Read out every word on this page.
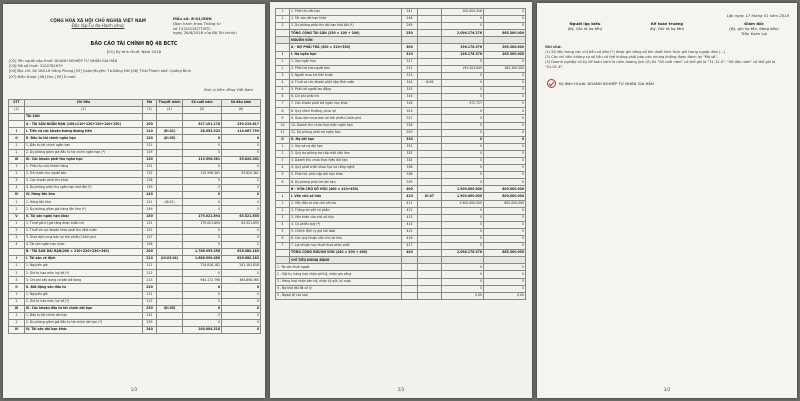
CỘNG HÒA XÃ HỘI CHỦ NGHĨA VIỆT NAM
Độc lập-Tự do-Hạnh phúc
Mẫu số: B-01/DNN
(Ban hành theo Thông tư
số 133/2016/TT-BTC
ngày 26/8/2016 của Bộ Tài chính)
BÁO CÁO TÀI CHÍNH BỘ 48 BCTC
[01] Kỳ tính thuế: Năm 2018
[02] Tên người nộp thuế: DOANH NGHIỆP TƯ NHÂN GIA HÂN
[03] Mã số thuế: 3100782679
[04] Địa chỉ: Số 16A Lê Hồng Phong [05] Quận/Huyện: Tp.Đồng Hới [06] Tỉnh/Thành phố: Quảng Bình
[07] Điện thoại: [08] Fax: [09] E-mail:
Đơn vị tiền: đồng Việt Nam
STT	Chỉ tiêu	Mã	Thuyết minh	Số cuối năm	Số đầu năm
(1)	(2)	(3)	(4)	(5)	(6)
	TÀI SẢN				
	A - TÀI SẢN NGẮN HẠN (100=110+120+130+140+150)	100		327.101.178	239.219.817
I	I. Tiền và các khoản tương đương tiền	110	(III.01)	28.552.923	110.067.799
II	II. Đầu tư tài chính ngắn hạn	120	(III.05)	0	0
1	1. Đầu tư tài chính ngắn hạn	121		0	0
2	2. Dự phòng giảm giá đầu tư tài chính ngắn hạn (*)	129		0	0
III	III. Các khoản phải thu ngắn hạn	130		119.596.361	55.620.361
1	1. Phải thu của khách hàng	131		0	0
2	2. Trả trước cho người bán	132		119.596.361	55.620.361
3	3. Các khoản phải thu khác	138		0	0
4	4. Dự phòng phải thu ngắn hạn khó đòi (*)	139		0	0
IV	IV. Hàng tồn kho	140		0	0
1	1. Hàng tồn kho	141	(III.02)	0	0
2	2. Dự phòng giảm giá hàng tồn kho (*)	149		0	0
V	V. Tài sản ngắn hạn khác	150		179.021.894	63.521.655
1	1. Thuế giá trị gia tăng được khấu trừ	151		179.021.894	63.521.655
2	2. Thuế và các khoản khác phải thu Nhà nước	152		0	0
3	3. Giao dịch mua bán lại trái phiếu Chính phủ	157		0	0
4	4. Tài sản ngắn hạn khác	158		0	0
	B - TÀI SẢN DÀI HẠN(200 = 210+220+230+240)	200		1.768.995.256	626.080.183
I	I. Tài sản cố định	210	(III.03.04)	1.668.990.080	626.080.183
1	1. Nguyên giá	211		724.818.182	241.181.818
2	2. Giá trị hao mòn luỹ kế (*)	212		0	0
3	3. Chi phí xây dựng cơ bản dở dang	213		944.172.798	384.898.365
II	II. Bất động sản đầu tư	220		0	0
1	1. Nguyên giá	221		0	0
2	2. Giá trị hao mòn luỹ kế (*)	222		0	0
III	III. Các khoản đầu tư tài chính dài hạn	230	(III.05)	0	0
1	1. Đầu tư tài chính dài hạn	231		0	0
2	2. Dự phòng giảm giá đầu tư tài chính dài hạn (*)	239		0	0
IV	IV. Tài sản dài hạn khác	240		100.004.318	0
1/3
1	1. Phải thu dài hạn	241		100.004.318	0
2	2. Tài sản dài hạn khác	248		0	0
3	3. Dự phòng phải thu dài hạn khó đòi (*)	249		0	0
	TỔNG CỘNG TÀI SẢN (250 = 100 + 200)	250		2.096.176.376	865.300.000
	NGUỒN VỐN				
	A - NỢ PHẢI TRẢ (300 = 310+330)	300		196.176.376	265.300.000
I	I. Nợ ngắn hạn	310		196.176.376	265.300.000
1	1. Vay ngắn hạn	311		0	0
2	2. Phải trả cho người bán	312		195.203.649	265.300.000
3	3. Người mua trả tiền trước	313		0	0
4	4. Thuế và các khoản phải nộp Nhà nước	314	III.06	0	0
5	5. Phải trả người lao động	315		0	0
6	6. Chi phí phải trả	316		0	0
7	7. Các khoản phải trả ngắn hạn khác	318		972.727	0
8	8. Quỹ khen thưởng, phúc lợi	323		0	0
9	9. Giao dịch mua bán lại trái phiếu Chính phủ	327		0	0
10	10. Doanh thu chưa thực hiện ngắn hạn	328		0	0
11	11. Dự phòng phải trả ngắn hạn	329		0	0
II	II. Nợ dài hạn	330		0	0
1	1. Vay và nợ dài hạn	331		0	0
2	2. Quỹ dự phòng trợ cấp mất việc làm	332		0	0
3	3. Doanh thu chưa thực hiện dài hạn	334		0	0
4	4. Quỹ phát triển khoa học và công nghệ	336		0	0
5	5. Phải trả, phải nộp dài hạn khác	338		0	0
6	6. Dự phòng phải trả dài hạn	339		0	0
	B - VỐN CHỦ SỞ HỮU (400 = 410+430)	400		1.900.000.000	600.000.000
I	I. Vốn chủ sở hữu	410	III.07	1.900.000.000	600.000.000
1	1. Vốn đầu tư của chủ sở hữu	411		1.900.000.000	600.000.000
2	2. Thặng dư vốn cổ phần	412		0	0
3	3. Vốn khác của chủ sở hữu	413		0	0
4	4. Cổ phiếu quỹ (*)	414		0	0
5	5. Chênh lệch tỷ giá hối đoái	415		0	0
6	6. Các quỹ thuộc vốn chủ sở hữu	416		0	0
7	7. Lợi nhuận sau thuế chưa phân phối	417		0	0
	TỔNG CỘNG NGUỒN VỐN (440 = 300 + 400)	440		2.096.176.376	865.300.000
	CHỈ TIÊU NGOÀI BẢNG				
1- Tài sản thuê ngoài				0	0
2 - Vật tư, hàng hoá nhận giữ hộ, nhận gia công				0	0
3 - Hàng hoá nhận bán hộ, nhận ký gửi, ký cược				0	0
4 - Nợ khó đòi đã xử lý				0	0
5 - Ngoại tệ các loại				0,00	0,00
2/3
Lập ngày 17 tháng 01 năm 2018
Người lập biểu
(Ký, Ghi rõ họ tên)
Kế toán trưởng
(Ký, Ghi rõ họ tên)
Giám đốc
(Ký, ghi họ tên, đóng dấu)
Trần Xuân Lợi
Ghi chú:
(1) Số liệu trong các chỉ tiêu có dấu (*) được ghi bằng số âm dưới hình thức ghi trong ngoặc đơn (...)
(2) Các chỉ tiêu không có số liệu có thể không phải báo cáo nhưng không được đánh lại "Mã số".
(3) Doanh nghiệp có kỳ kế toán năm là năm dương lịch (X) thì "Số cuối năm" có thể ghi là "31.12.X"; "Số đầu năm" có thể ghi là "01.01.X".
Ký điện tử bởi: DOANH NGHIỆP TƯ NHÂN GIA HÂN
3/3
